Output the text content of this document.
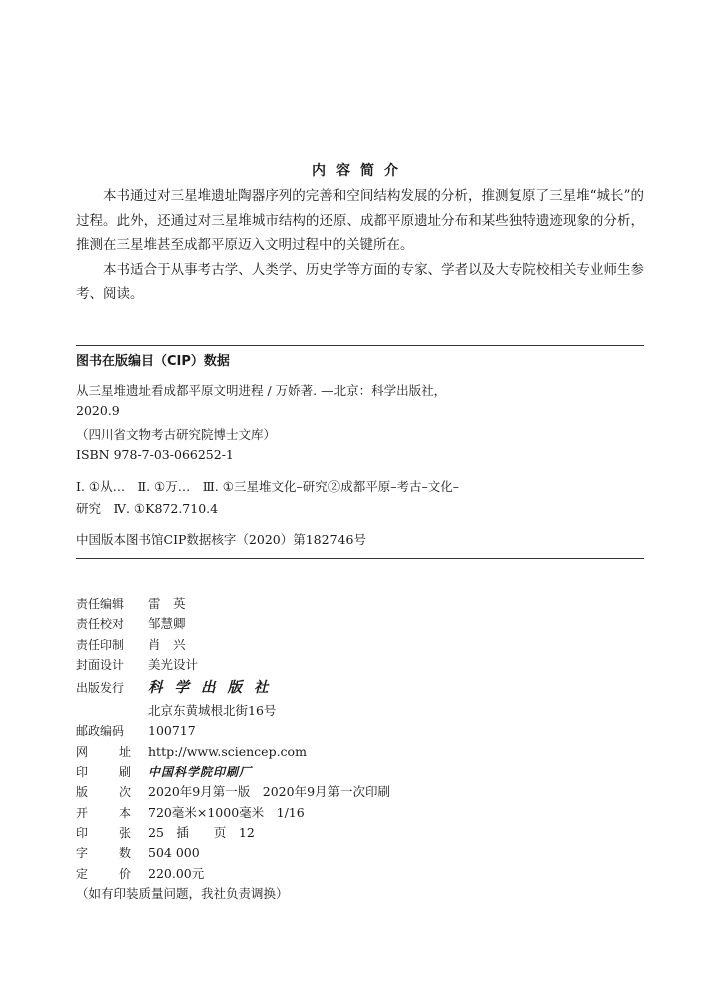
内容简介

本书通过对三星堆遗址陶器序列的完善和空间结构发展的分析，推测复原了三星堆“城长”的过程。此外，还通过对三星堆城市结构的还原、成都平原遗址分布和某些独特遗迹现象的分析，推测在三星堆甚至成都平原迈入文明过程中的关键所在。

本书适合于从事考古学、人类学、历史学等方面的专家、学者以及大专院校相关专业师生参考、阅读。

图书在版编目（CIP）数据
从三星堆遗址看成都平原文明进程 / 万娇著. —北京：科学出版社，
2020.9
（四川省文物考古研究院博士文库）
ISBN 978-7-03-066252-1
Ⅰ. ①从…　Ⅱ. ①万…　Ⅲ. ①三星堆文化–研究②成都平原–考古–文化–
研究　Ⅳ. ①K872.710.4
中国版本图书馆CIP数据核字（2020）第182746号
责任编辑 雷　英
责任校对 邹慧卿
责任印制 肖　兴
封面设计 美光设计
出版发行 科学出版社
北京东黄城根北街16号
邮政编码 100717
网	址 http://www.sciencep.com
印	刷 中国科学院印刷厂
版	次 2020年9月第一版　2020年9月第一次印刷
开	本 720毫米×1000毫米　1/16
印	张 25　插　　页　12
字	数 504 000
定	价 220.00元
（如有印装质量问题，我社负责调换）
